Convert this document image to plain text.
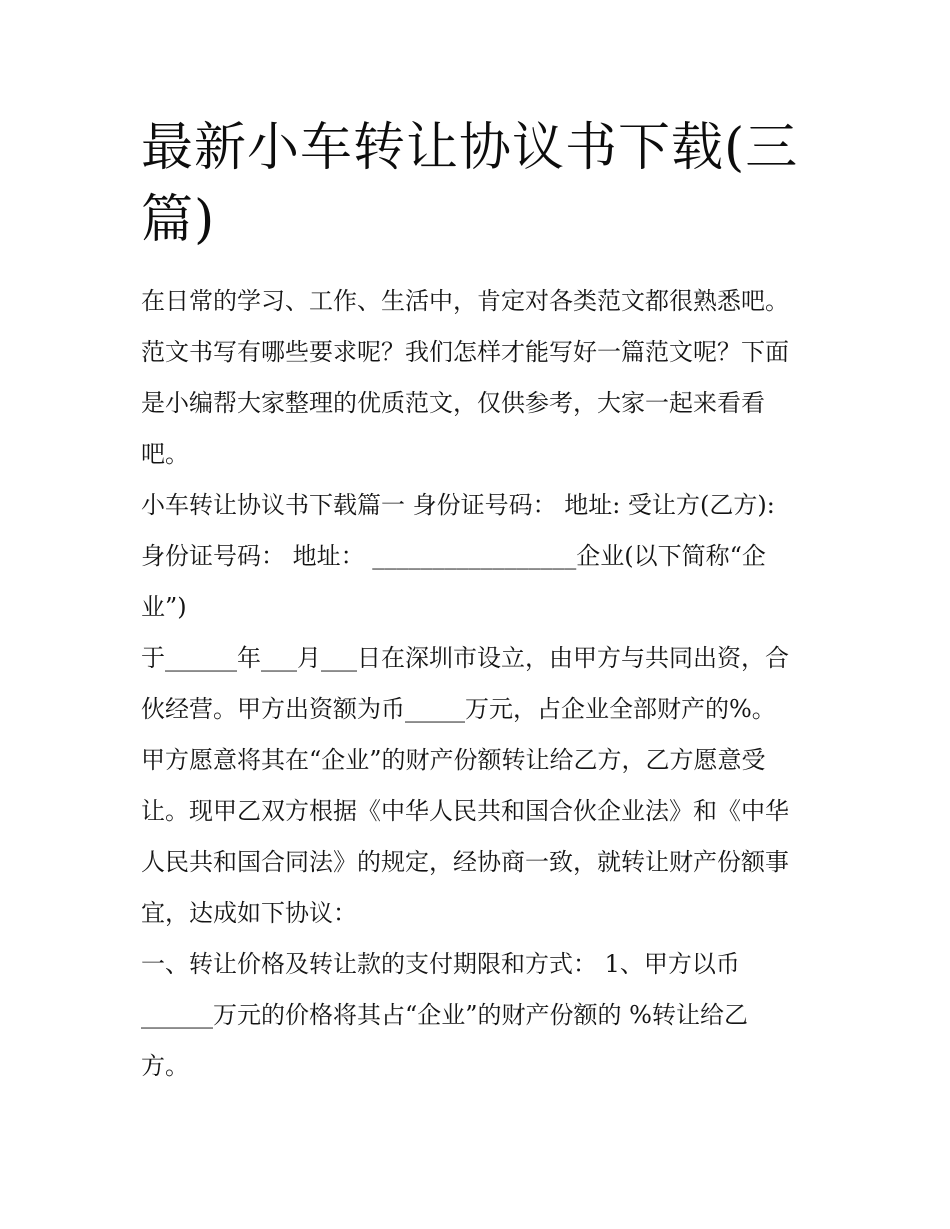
最新小车转让协议书下载(三
篇)

在日常的学习、工作、生活中，肯定对各类范文都很熟悉吧。

范文书写有哪些要求呢？我们怎样才能写好一篇范文呢？下面

是小编帮大家整理的优质范文，仅供参考，大家一起来看看

吧。

小车转让协议书下载篇一 身份证号码： 地址: 受让方(乙方):

身份证号码： 地址： _________________企业(以下简称“企

业”)

于______年___月___日在深圳市设立，由甲方与共同出资，合

伙经营。甲方出资额为币_____万元，占企业全部财产的%。

甲方愿意将其在“企业”的财产份额转让给乙方，乙方愿意受

让。现甲乙双方根据《中华人民共和国合伙企业法》和《中华

人民共和国合同法》的规定，经协商一致，就转让财产份额事

宜，达成如下协议：

一、转让价格及转让款的支付期限和方式： 1、甲方以币

______万元的价格将其占“企业”的财产份额的 %转让给乙

方。
